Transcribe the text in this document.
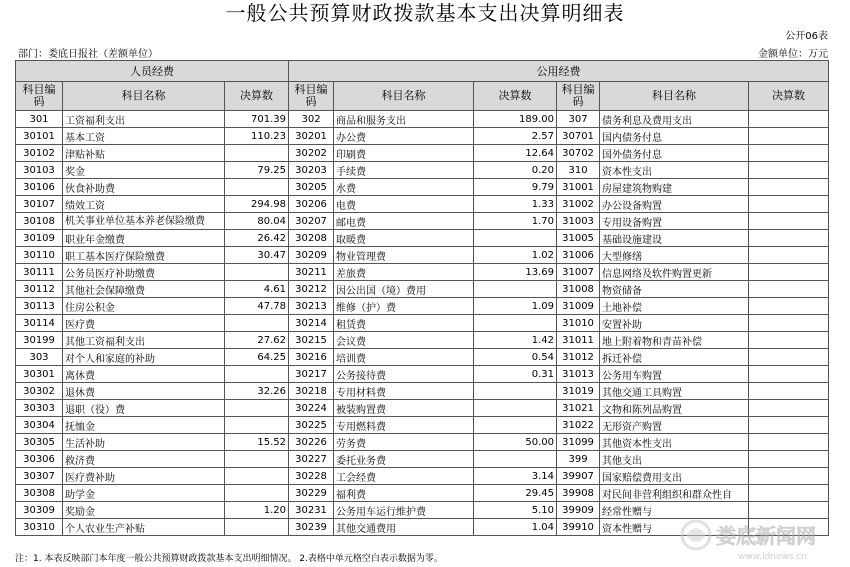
一般公共预算财政拨款基本支出决算明细表
公开06表
部门：娄底日报社（差额单位）	金额单位：万元
人员经费			公用经费					
科目编码	科目名称	决算数	科目编码	科目名称	决算数	科目编码	科目名称	决算数
301	工资福利支出	701.39	302	商品和服务支出	189.00	307	债务利息及费用支出	
30101	基本工资	110.23	30201	办公费	2.57	30701	国内债务付息	
30102	津贴补贴		30202	印刷费	12.64	30702	国外债务付息	
30103	奖金	79.25	30203	手续费	0.20	310	资本性支出	
30106	伙食补助费		30205	水费	9.79	31001	房屋建筑物购建	
30107	绩效工资	294.98	30206	电费	1.33	31002	办公设备购置	
30108	机关事业单位基本养老保险缴费	80.04	30207	邮电费	1.70	31003	专用设备购置	
30109	职业年金缴费	26.42	30208	取暖费		31005	基础设施建设	
30110	职工基本医疗保险缴费	30.47	30209	物业管理费	1.02	31006	大型修缮	
30111	公务员医疗补助缴费		30211	差旅费	13.69	31007	信息网络及软件购置更新	
30112	其他社会保障缴费	4.61	30212	因公出国（境）费用		31008	物资储备	
30113	住房公积金	47.78	30213	维修（护）费	1.09	31009	土地补偿	
30114	医疗费		30214	租赁费		31010	安置补助	
30199	其他工资福利支出	27.62	30215	会议费	1.42	31011	地上附着物和青苗补偿	
303	对个人和家庭的补助	64.25	30216	培训费	0.54	31012	拆迁补偿	
30301	离休费		30217	公务接待费	0.31	31013	公务用车购置	
30302	退休费	32.26	30218	专用材料费		31019	其他交通工具购置	
30303	退职（役）费		30224	被装购置费		31021	文物和陈列品购置	
30304	抚恤金		30225	专用燃料费		31022	无形资产购置	
30305	生活补助	15.52	30226	劳务费	50.00	31099	其他资本性支出	
30306	救济费		30227	委托业务费		399	其他支出	
30307	医疗费补助		30228	工会经费	3.14	39907	国家赔偿费用支出	
30308	助学金		30229	福利费	29.45	39908	对民间非营利组织和群众性自	
30309	奖励金	1.20	30231	公务用车运行维护费	5.10	39909	经常性赠与	
30310	个人农业生产补贴		30239	其他交通费用	1.04	39910	资本性赠与	
注：1. 本表反映部门本年度一般公共预算财政拨款基本支出明细情况。 2.表格中单元格空白表示数据为零。
娄底新闻网
www.ldnews.cn
